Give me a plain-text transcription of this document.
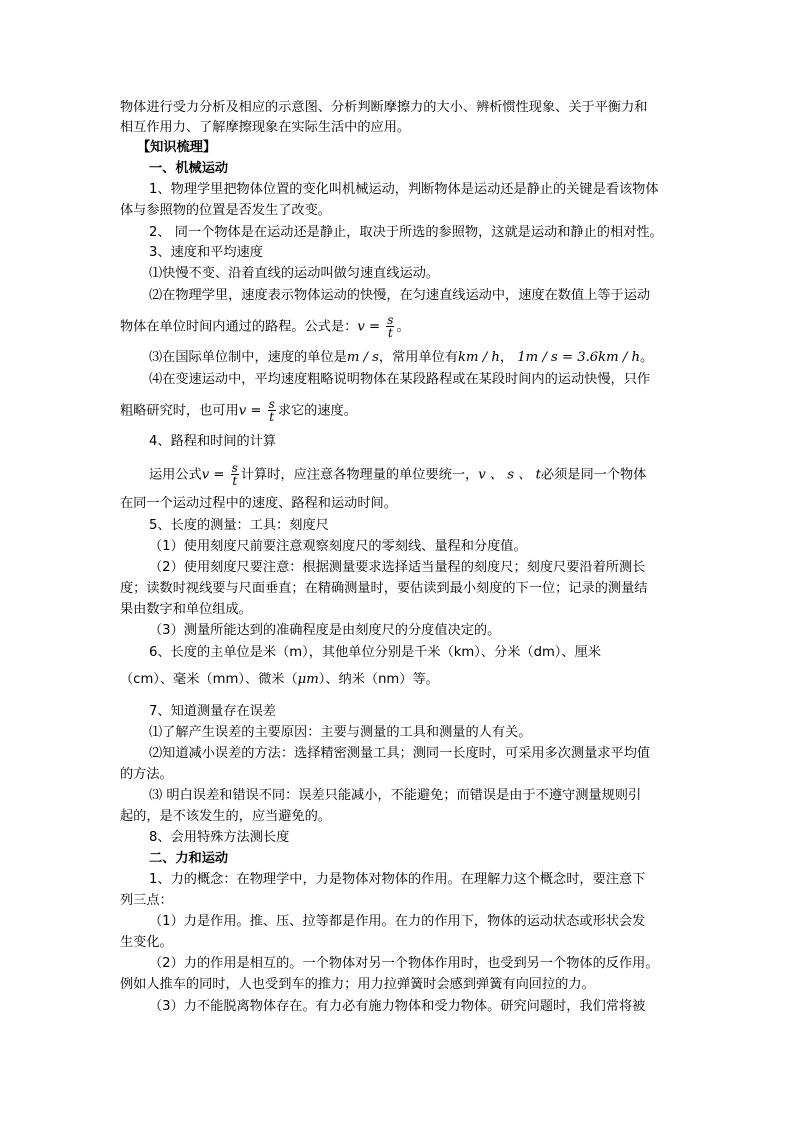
物体进行受力分析及相应的示意图、分析判断摩擦力的大小、辨析惯性现象、关于平衡力和
相互作用力、了解摩擦现象在实际生活中的应用。
【知识梳理】
一、机械运动
1、物理学里把物体位置的变化叫机械运动，判断物体是运动还是静止的关键是看该物体
体与参照物的位置是否发生了改变。
2、 同一个物体是在运动还是静止，取决于所选的参照物，这就是运动和静止的相对性。
3、速度和平均速度
⑴快慢不变、沿着直线的运动叫做匀速直线运动。
⑵在物理学里，速度表示物体运动的快慢，在匀速直线运动中，速度在数值上等于运动
物体在单位时间内通过的路程。公式是：$v = \frac{s}{t}$ 。
⑶在国际单位制中，速度的单位是m / s，常用单位有km / h， 1m / s = 3.6km / h。
⑷在变速运动中，平均速度粗略说明物体在某段路程或在某段时间内的运动快慢，只作
粗略研究时，也可用$v = \frac{s}{t}$ 求它的速度。
4、路程和时间的计算
运用公式$v = \frac{s}{t}$ 计算时，应注意各物理量的单位要统一，v 、 s 、 t必须是同一个物体
在同一个运动过程中的速度、路程和运动时间。
5、长度的测量：工具：刻度尺
（1）使用刻度尺前要注意观察刻度尺的零刻线、量程和分度值。
（2）使用刻度尺要注意：根据测量要求选择适当量程的刻度尺；刻度尺要沿着所测长
度；读数时视线要与尺面垂直；在精确测量时，要估读到最小刻度的下一位；记录的测量结
果由数字和单位组成。
（3）测量所能达到的准确程度是由刻度尺的分度值决定的。
6、长度的主单位是米（m），其他单位分别是千米（km）、分米（dm）、厘米
（cm）、毫米（mm）、微米（μm）、纳米（nm）等。
7、知道测量存在误差
⑴了解产生误差的主要原因：主要与测量的工具和测量的人有关。
⑵知道减小误差的方法：选择精密测量工具；测同一长度时，可采用多次测量求平均值
的方法。
⑶ 明白误差和错误不同：误差只能减小，不能避免；而错误是由于不遵守测量规则引
起的，是不该发生的，应当避免的。
8、会用特殊方法测长度
二、力和运动
1、力的概念：在物理学中，力是物体对物体的作用。在理解力这个概念时，要注意下
列三点：
（1）力是作用。推、压、拉等都是作用。在力的作用下，物体的运动状态或形状会发
生变化。
（2）力的作用是相互的。一个物体对另一个物体作用时，也受到另一个物体的反作用。
例如人推车的同时，人也受到车的推力；用力拉弹簧时会感到弹簧有向回拉的力。
（3）力不能脱离物体存在。有力必有施力物体和受力物体。研究问题时，我们常将被
